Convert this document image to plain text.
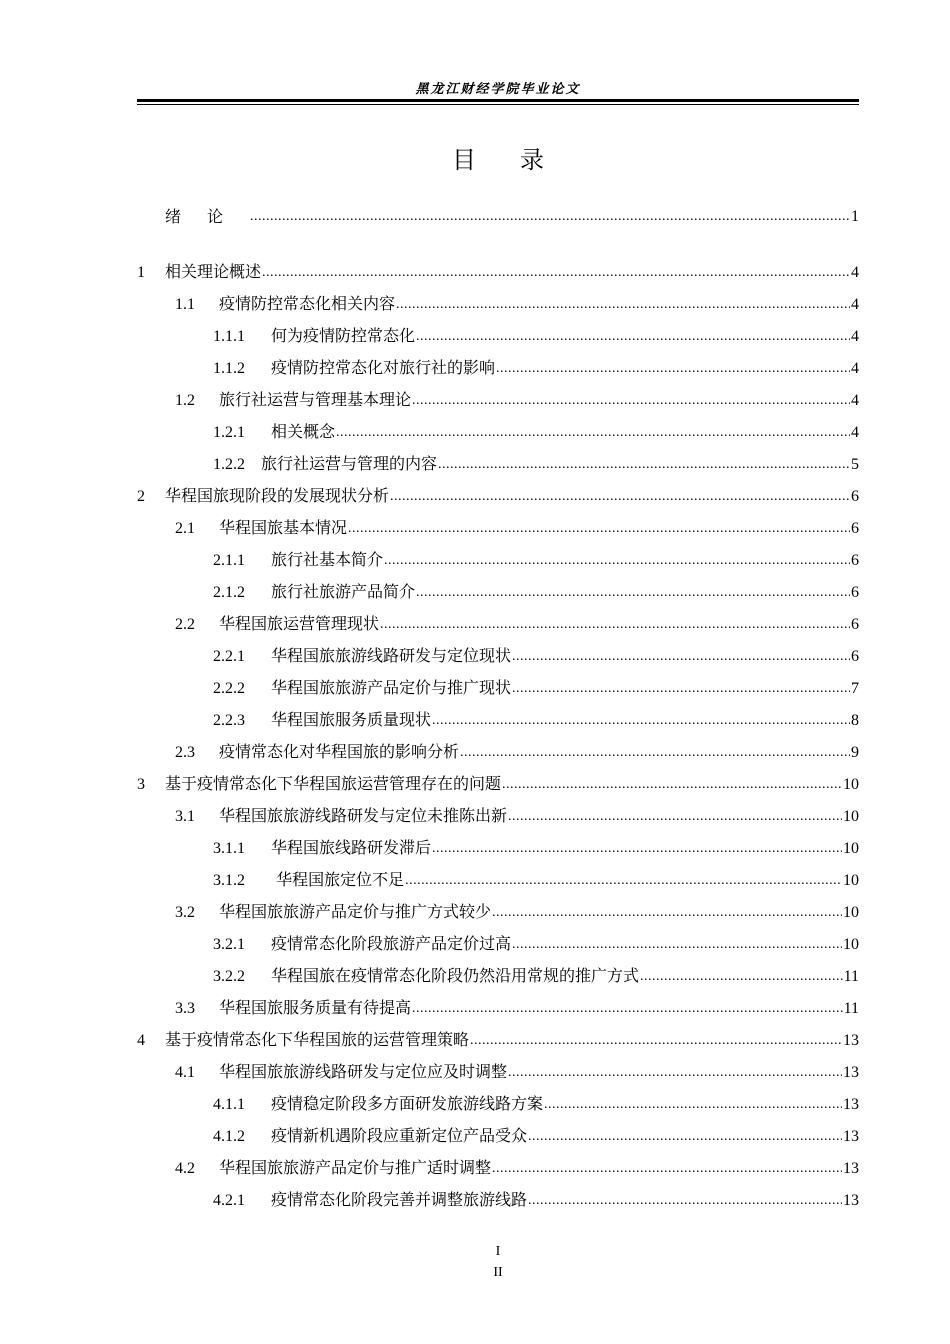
黑龙江财经学院毕业论文
目录
绪论 .....	1
1 相关理论概述 .....	4
1.1 疫情防控常态化相关内容 .....	4
1.1.1 何为疫情防控常态化 .....	4
1.1.2 疫情防控常态化对旅行社的影响 .....	4
1.2 旅行社运营与管理基本理论 .....	4
1.2.1 相关概念 .....	4
1.2.2 旅行社运营与管理的内容 .....	5
2 华程国旅现阶段的发展现状分析 .....	6
2.1 华程国旅基本情况 .....	6
2.1.1 旅行社基本简介 .....	6
2.1.2 旅行社旅游产品简介 .....	6
2.2 华程国旅运营管理现状 .....	6
2.2.1 华程国旅旅游线路研发与定位现状 .....	6
2.2.2 华程国旅旅游产品定价与推广现状 .....	7
2.2.3 华程国旅服务质量现状 .....	8
2.3 疫情常态化对华程国旅的影响分析 .....	9
3 基于疫情常态化下华程国旅运营管理存在的问题 .....	10
3.1 华程国旅旅游线路研发与定位未推陈出新 .....	10
3.1.1 华程国旅线路研发滞后 .....	10
3.1.2 华程国旅定位不足 .....	10
3.2 华程国旅旅游产品定价与推广方式较少 .....	10
3.2.1 疫情常态化阶段旅游产品定价过高 .....	10
3.2.2 华程国旅在疫情常态化阶段仍然沿用常规的推广方式 .....	11
3.3 华程国旅服务质量有待提高 .....	11
4 基于疫情常态化下华程国旅的运营管理策略 .....	13
4.1 华程国旅旅游线路研发与定位应及时调整 .....	13
4.1.1 疫情稳定阶段多方面研发旅游线路方案 .....	13
4.1.2 疫情新机遇阶段应重新定位产品受众 .....	13
4.2 华程国旅旅游产品定价与推广适时调整 .....	13
4.2.1 疫情常态化阶段完善并调整旅游线路 .....	13
I
II
